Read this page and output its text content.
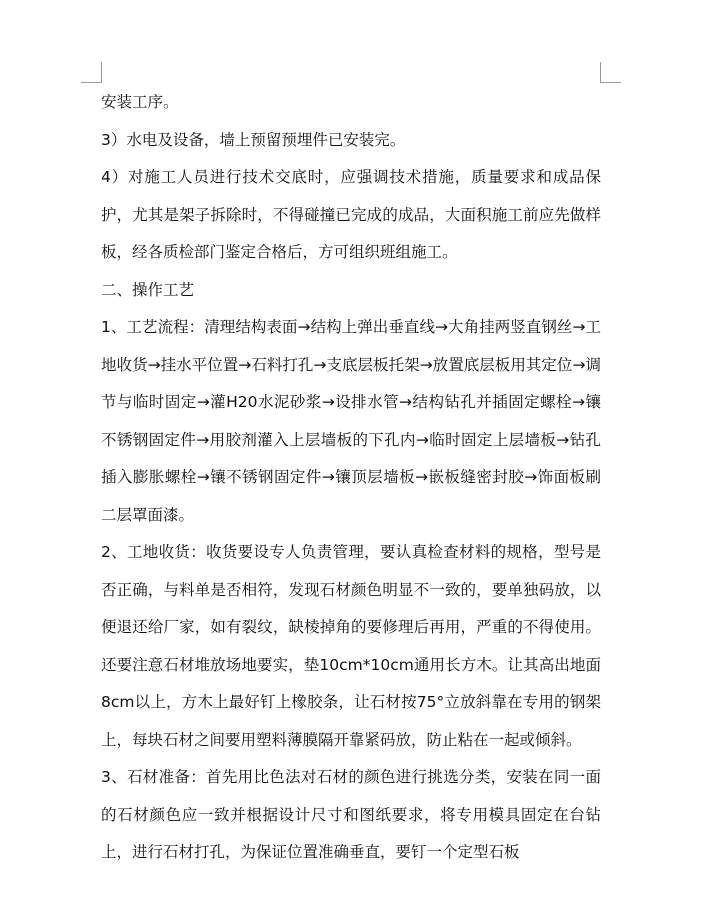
安装工序。

3）水电及设备，墙上预留预埋件已安装完。

4）对施工人员进行技术交底时，应强调技术措施，质量要求和成品保护，尤其是架子拆除时，不得碰撞已完成的成品，大面积施工前应先做样板，经各质检部门鉴定合格后，方可组织班组施工。

二、操作工艺

1、工艺流程：清理结构表面→结构上弹出垂直线→大角挂两竖直钢丝→工地收货→挂水平位置→石料打孔→支底层板托架→放置底层板用其定位→调节与临时固定→灌H20水泥砂浆→设排水管→结构钻孔并插固定螺栓→镶不锈钢固定件→用胶剂灌入上层墙板的下孔内→临时固定上层墙板→钻孔插入膨胀螺栓→镶不锈钢固定件→镶顶层墙板→嵌板缝密封胶→饰面板刷二层罩面漆。

2、工地收货：收货要设专人负责管理，要认真检查材料的规格，型号是否正确，与料单是否相符，发现石材颜色明显不一致的，要单独码放，以便退还给厂家，如有裂纹，缺棱掉角的要修理后再用，严重的不得使用。还要注意石材堆放场地要实，垫10cm*10cm通用长方木。让其高出地面8cm以上，方木上最好钉上橡胶条，让石材按75°立放斜靠在专用的钢架上，每块石材之间要用塑料薄膜隔开靠紧码放，防止粘在一起或倾斜。

3、石材准备：首先用比色法对石材的颜色进行挑选分类，安装在同一面的石材颜色应一致并根据设计尺寸和图纸要求，将专用模具固定在台钻上，进行石材打孔，为保证位置准确垂直，要钉一个定型石板
